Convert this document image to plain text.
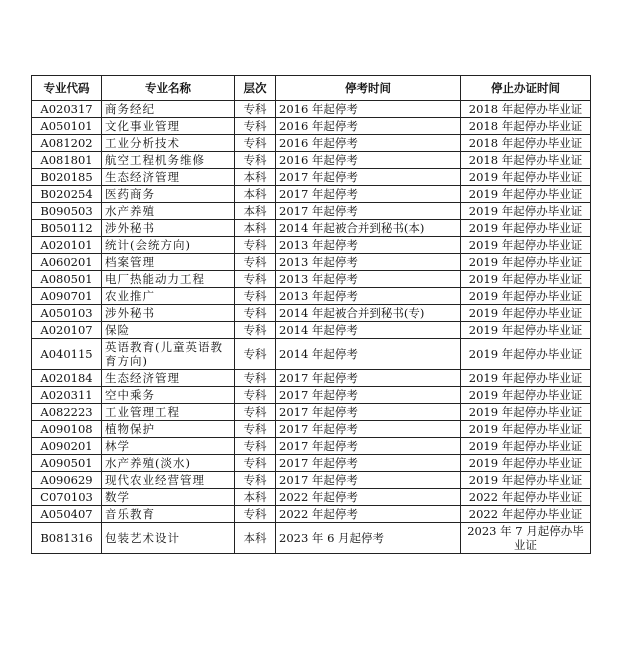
专业代码	专业名称	层次	停考时间	停止办证时间
A020317	商务经纪	专科	2016 年起停考	2018 年起停办毕业证
A050101	文化事业管理	专科	2016 年起停考	2018 年起停办毕业证
A081202	工业分析技术	专科	2016 年起停考	2018 年起停办毕业证
A081801	航空工程机务维修	专科	2016 年起停考	2018 年起停办毕业证
B020185	生态经济管理	本科	2017 年起停考	2019 年起停办毕业证
B020254	医药商务	本科	2017 年起停考	2019 年起停办毕业证
B090503	水产养殖	本科	2017 年起停考	2019 年起停办毕业证
B050112	涉外秘书	本科	2014 年起被合并到秘书(本)	2019 年起停办毕业证
A020101	统计(会统方向)	专科	2013 年起停考	2019 年起停办毕业证
A060201	档案管理	专科	2013 年起停考	2019 年起停办毕业证
A080501	电厂热能动力工程	专科	2013 年起停考	2019 年起停办毕业证
A090701	农业推广	专科	2013 年起停考	2019 年起停办毕业证
A050103	涉外秘书	专科	2014 年起被合并到秘书(专)	2019 年起停办毕业证
A020107	保险	专科	2014 年起停考	2019 年起停办毕业证
A040115	英语教育(儿童英语教育方向)	专科	2014 年起停考	2019 年起停办毕业证
A020184	生态经济管理	专科	2017 年起停考	2019 年起停办毕业证
A020311	空中乘务	专科	2017 年起停考	2019 年起停办毕业证
A082223	工业管理工程	专科	2017 年起停考	2019 年起停办毕业证
A090108	植物保护	专科	2017 年起停考	2019 年起停办毕业证
A090201	林学	专科	2017 年起停考	2019 年起停办毕业证
A090501	水产养殖(淡水)	专科	2017 年起停考	2019 年起停办毕业证
A090629	现代农业经营管理	专科	2017 年起停考	2019 年起停办毕业证
C070103	数学	本科	2022 年起停考	2022 年起停办毕业证
A050407	音乐教育	专科	2022 年起停考	2022 年起停办毕业证
B081316	包装艺术设计	本科	2023 年 6 月起停考	2023 年 7 月起停办毕业证
